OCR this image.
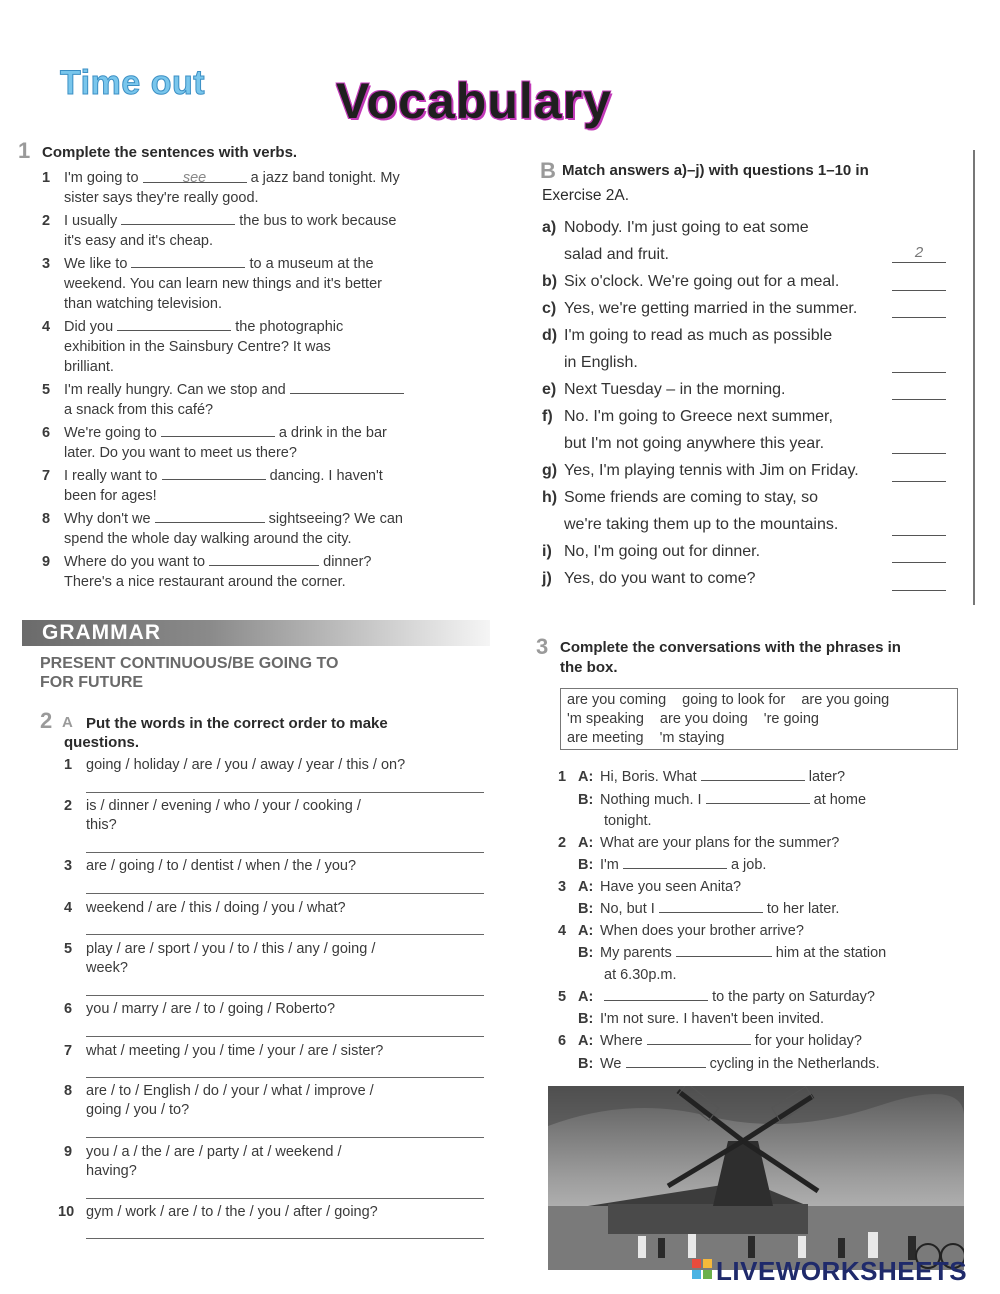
Time out	Vocabulary
1 Complete the sentences with verbs.
1 I'm going to	see	a jazz band tonight. My
sister says they're really good.
2 I usually	the bus to work because
it's easy and it's cheap.
3 We like to	to a museum at the
weekend. You can learn new things and it's better
than watching television.
4 Did you	the photographic
exhibition in the Sainsbury Centre? It was
brilliant.
5 I'm really hungry. Can we stop and
a snack from this café?
6 We're going to	a drink in the bar
later. Do you want to meet us there?
7 I really want to	dancing. I haven't
been for ages!
8 Why don't we	sightseeing? We can
spend the whole day walking around the city.
9 Where do you want to	dinner?
There's a nice restaurant around the corner.
B Match answers a)–j) with questions 1–10 in
Exercise 2A.
a) Nobody. I'm just going to eat some
salad and fruit.
b) Six o'clock. We're going out for a meal.
c) Yes, we're getting married in the summer.
d) I'm going to read as much as possible
in English.
e) Next Tuesday – in the morning.
f) No. I'm going to Greece next summer,
but I'm not going anywhere this year.
g) Yes, I'm playing tennis with Jim on Friday.
h) Some friends are coming to stay, so
we're taking them up to the mountains.
i) No, I'm going out for dinner.
j) Yes, do you want to come?
2
GRAMMAR
PRESENT CONTINUOUS/BE GOING TO
FOR FUTURE
2 A Put the words in the correct order to make
questions.
1 going / holiday / are / you / away / year / this / on?
2 is / dinner / evening / who / your / cooking /
this?
3 are / going / to / dentist / when / the / you?
4 weekend / are / this / doing / you / what?
5 play / are / sport / you / to / this / any / going /
week?
6 you / marry / are / to / going / Roberto?
7 what / meeting / you / time / your / are / sister?
8 are / to / English / do / your / what / improve /
going / you / to?
9 you / a / the / are / party / at / weekend /
having?
10 gym / work / are / to / the / you / after / going?
3 Complete the conversations with the phrases in
the box.
are you coming going to look for are you going
'm speaking are you doing 're going
are meeting 'm staying
1 A: Hi, Boris. What	later?
B: Nothing much. I	at home
tonight.
2 A: What are your plans for the summer?
B: I'm	a job.
3 A: Have you seen Anita?
B: No, but I	to her later.
4 A: When does your brother arrive?
B: My parents	him at the station
at 6.30p.m.
5 A:	to the party on Saturday?
B: I'm not sure. I haven't been invited.
6 A: Where	for your holiday?
B: We	cycling in the Netherlands.
LIVEWORKSHEETS
